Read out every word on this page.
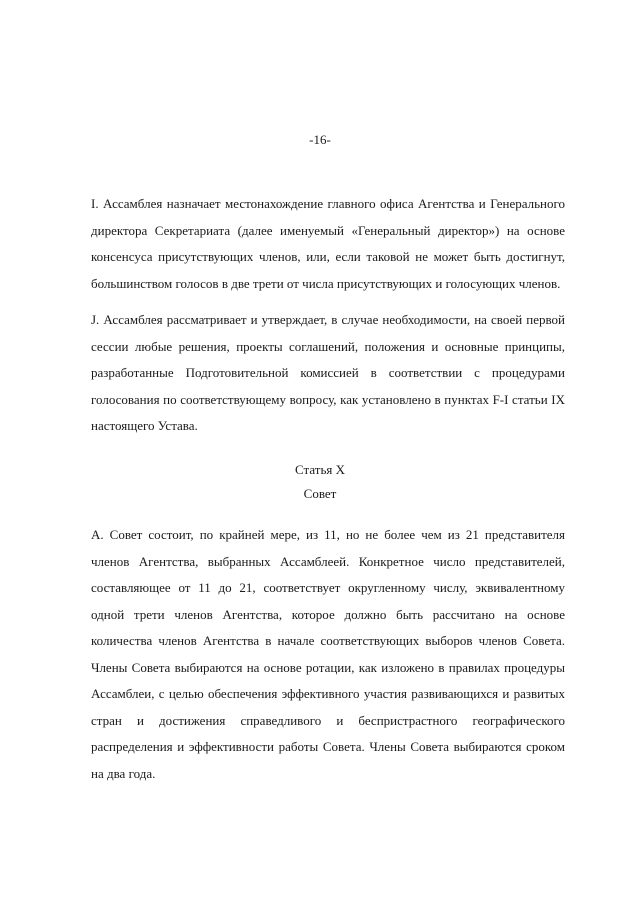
-16-
I. Ассамблея назначает местонахождение главного офиса Агентства и Генерального
директора Секретариата (далее именуемый «Генеральный директор») на основе
консенсуса присутствующих членов, или, если таковой не может быть достигнут,
большинством голосов в две трети от числа присутствующих и голосующих членов.
J. Ассамблея рассматривает и утверждает, в случае необходимости, на своей первой
сессии любые решения, проекты соглашений, положения и основные принципы,
разработанные Подготовительной комиссией в соответствии с процедурами
голосования по соответствующему вопросу, как установлено в пунктах F-I статьи IX
настоящего Устава.
Статья X
Совет
A. Совет состоит, по крайней мере, из 11, но не более чем из 21 представителя
членов Агентства, выбранных Ассамблеей. Конкретное число представителей,
составляющее от 11 до 21, соответствует округленному числу, эквивалентному
одной трети членов Агентства, которое должно быть рассчитано на основе
количества членов Агентства в начале соответствующих выборов членов Совета.
Члены Совета выбираются на основе ротации, как изложено в правилах процедуры
Ассамблеи, с целью обеспечения эффективного участия развивающихся и развитых
стран и достижения справедливого и беспристрастного географического
распределения и эффективности работы Совета. Члены Совета выбираются сроком
на два года.
